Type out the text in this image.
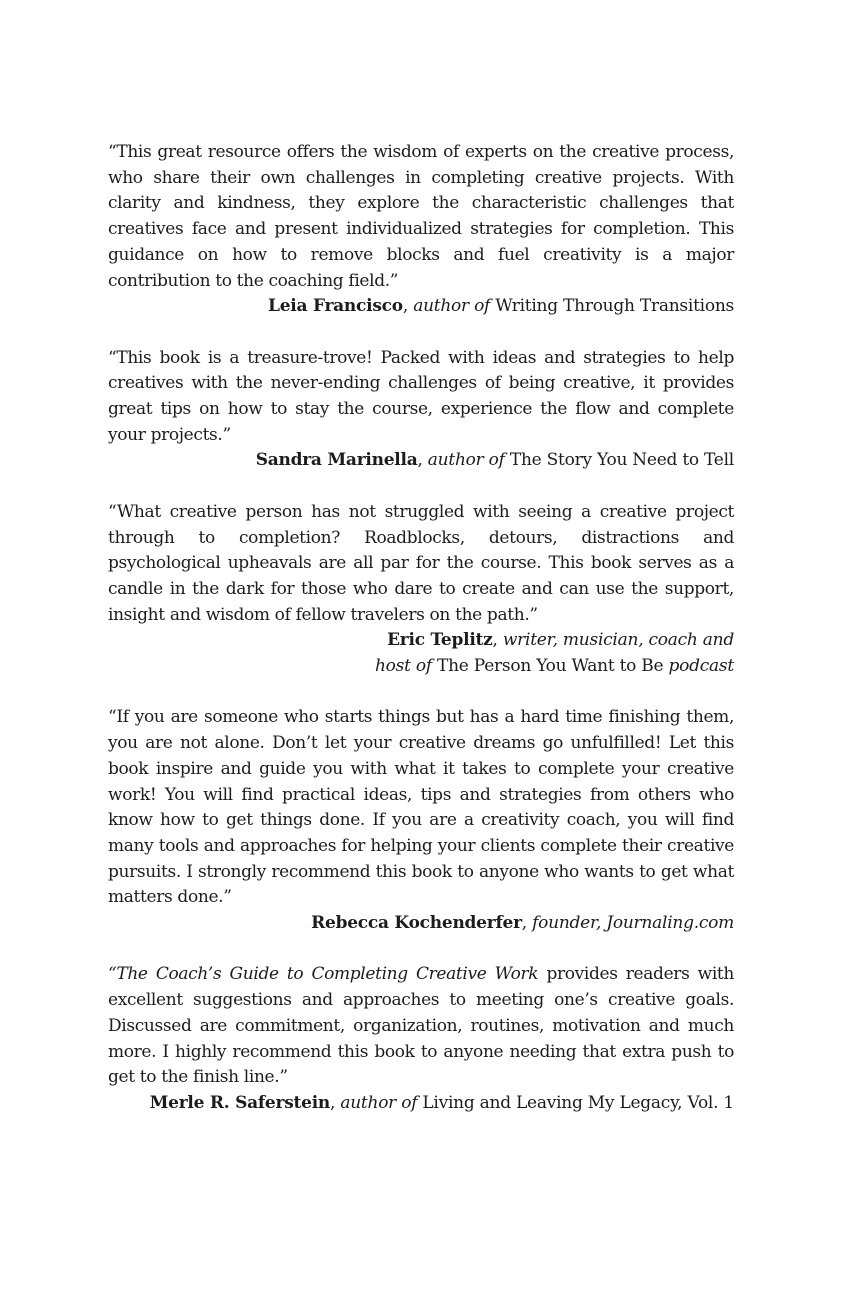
“This great resource offers the wisdom of experts on the creative process, who share their own challenges in completing creative projects. With clarity and kindness, they explore the characteristic challenges that creatives face and present individualized strategies for completion. This guidance on how to remove blocks and fuel creativity is a major contribution to the coaching field.”

Leia Francisco, author of Writing Through Transitions

“This book is a treasure-trove! Packed with ideas and strategies to help creatives with the never-ending challenges of being creative, it provides great tips on how to stay the course, experience the flow and complete your projects.”

Sandra Marinella, author of The Story You Need to Tell

“What creative person has not struggled with seeing a creative project through to completion? Roadblocks, detours, distractions and psychological upheavals are all par for the course. This book serves as a candle in the dark for those who dare to create and can use the support, insight and wisdom of fellow travelers on the path.”

Eric Teplitz, writer, musician, coach and

host of The Person You Want to Be podcast

“If you are someone who starts things but has a hard time finishing them, you are not alone. Don’t let your creative dreams go unfulfilled! Let this book inspire and guide you with what it takes to complete your creative work! You will find practical ideas, tips and strategies from others who know how to get things done. If you are a creativity coach, you will find many tools and approaches for helping your clients complete their creative pursuits. I strongly recommend this book to anyone who wants to get what matters done.”

Rebecca Kochenderfer, founder, Journaling.com

“The Coach’s Guide to Completing Creative Work provides readers with excellent suggestions and approaches to meeting one’s creative goals. Discussed are commitment, organization, routines, motivation and much more. I highly recommend this book to anyone needing that extra push to get to the finish line.”

Merle R. Saferstein, author of Living and Leaving My Legacy, Vol. 1
